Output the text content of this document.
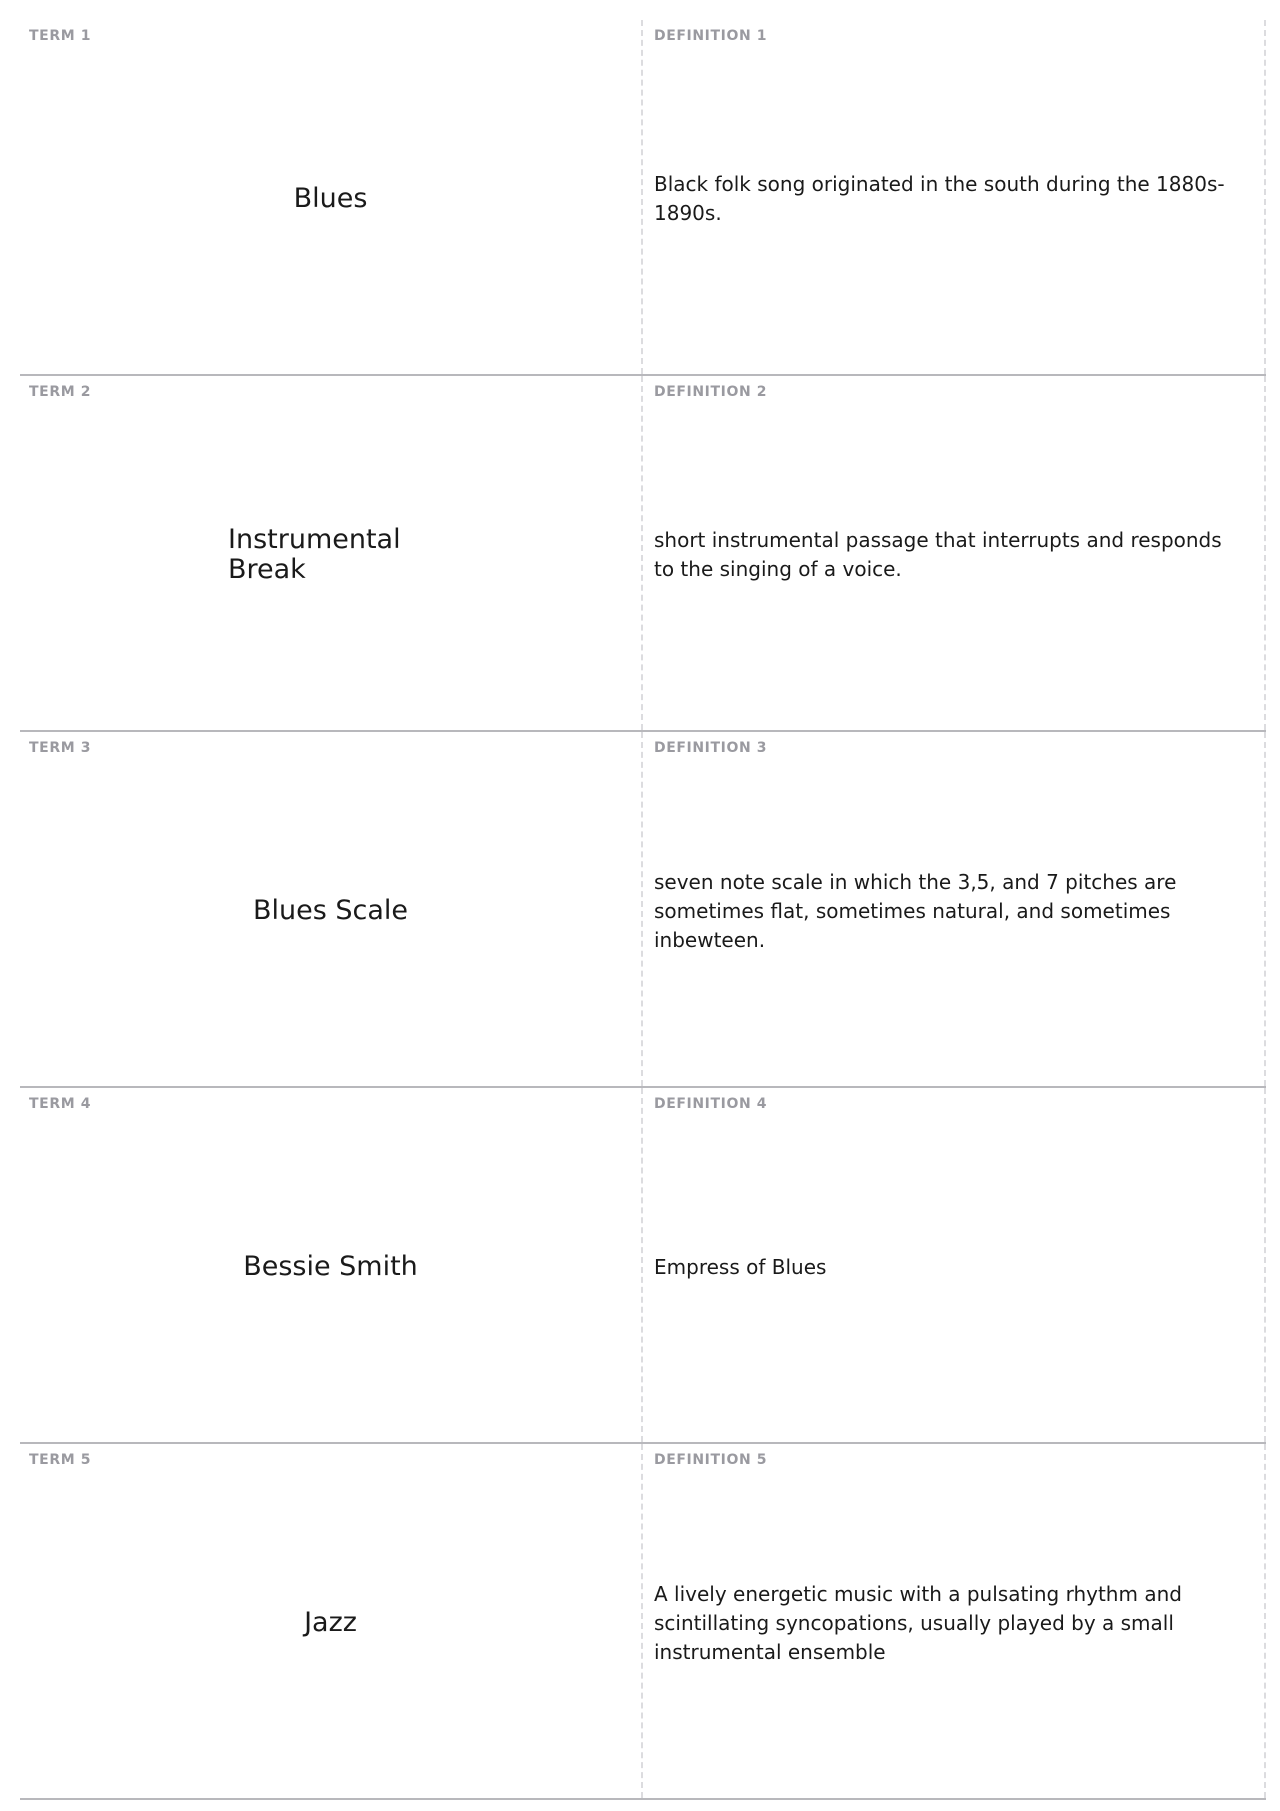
TERM 1
Blues
DEFINITION 1
Black folk song originated in the south during the 1880s-1890s.
TERM 2
Instrumental Break
DEFINITION 2
short instrumental passage that interrupts and responds to the singing of a voice.
TERM 3
Blues Scale
DEFINITION 3
seven note scale in which the 3,5, and 7 pitches are sometimes flat, sometimes natural, and sometimes inbewteen.
TERM 4
Bessie Smith
DEFINITION 4
Empress of Blues
TERM 5
Jazz
DEFINITION 5
A lively energetic music with a pulsating rhythm and scintillating syncopations, usually played by a small instrumental ensemble
